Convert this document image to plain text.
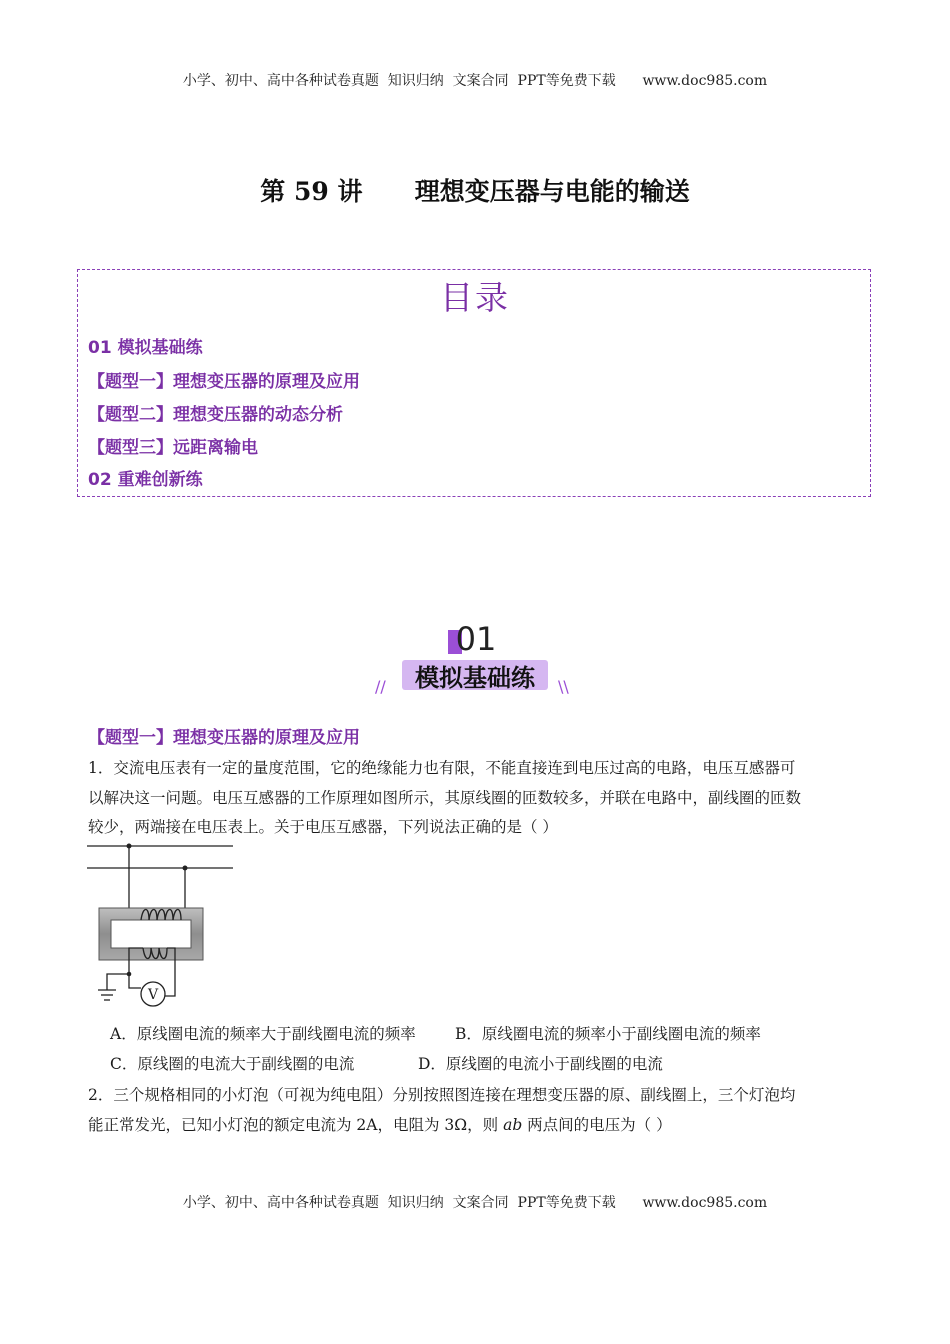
小学、初中、高中各种试卷真题  知识归纳  文案合同  PPT等免费下载      www.doc985.com
第 59 讲      理想变压器与电能的输送
目录
01 模拟基础练
【题型一】理想变压器的原理及应用
【题型二】理想变压器的动态分析
【题型三】远距离输电
02 重难创新练
01
模拟基础练
//	\\
【题型一】理想变压器的原理及应用
1．交流电压表有一定的量度范围，它的绝缘能力也有限，不能直接连到电压过高的电路，电压互感器可
以解决这一问题。电压互感器的工作原理如图所示，其原线圈的匝数较多，并联在电路中，副线圈的匝数
较少，两端接在电压表上。关于电压互感器，下列说法正确的是（ ）
V
A．原线圈电流的频率大于副线圈电流的频率	B．原线圈电流的频率小于副线圈电流的频率
C．原线圈的电流大于副线圈的电流	D．原线圈的电流小于副线圈的电流
2．三个规格相同的小灯泡（可视为纯电阻）分别按照图连接在理想变压器的原、副线圈上，三个灯泡均
能正常发光，已知小灯泡的额定电流为 2A，电阻为 3Ω，则 ab 两点间的电压为（ ）
小学、初中、高中各种试卷真题  知识归纳  文案合同  PPT等免费下载      www.doc985.com
